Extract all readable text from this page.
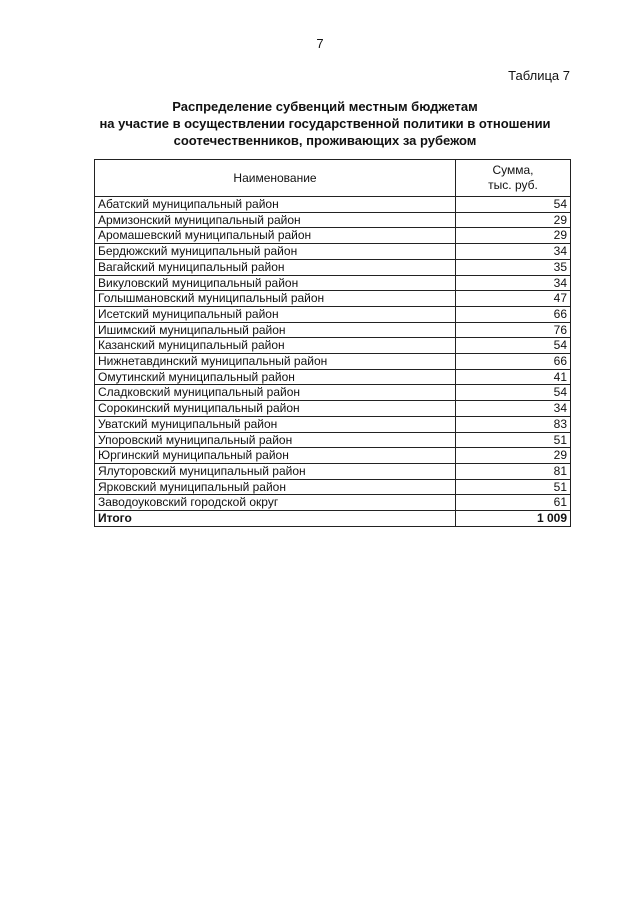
7
Таблица 7
Распределение субвенций местным бюджетам
на участие в осуществлении государственной политики в отношении
соотечественников, проживающих за рубежом
Наименование	Сумма,
тыс. руб.

Абатский муниципальный район	54
Армизонский муниципальный район	29
Аромашевский муниципальный район	29
Бердюжский муниципальный район	34
Вагайский муниципальный район	35
Викуловский муниципальный район	34
Голышмановский муниципальный район	47
Исетский муниципальный район	66
Ишимский муниципальный район	76
Казанский муниципальный район	54
Нижнетавдинский муниципальный район	66
Омутинский муниципальный район	41
Сладковский муниципальный район	54
Сорокинский муниципальный район	34
Уватский муниципальный район	83
Упоровский муниципальный район	51
Юргинский муниципальный район	29
Ялуторовский муниципальный район	81
Ярковский муниципальный район	51
Заводоуковский городской округ	61
Итого	1 009
